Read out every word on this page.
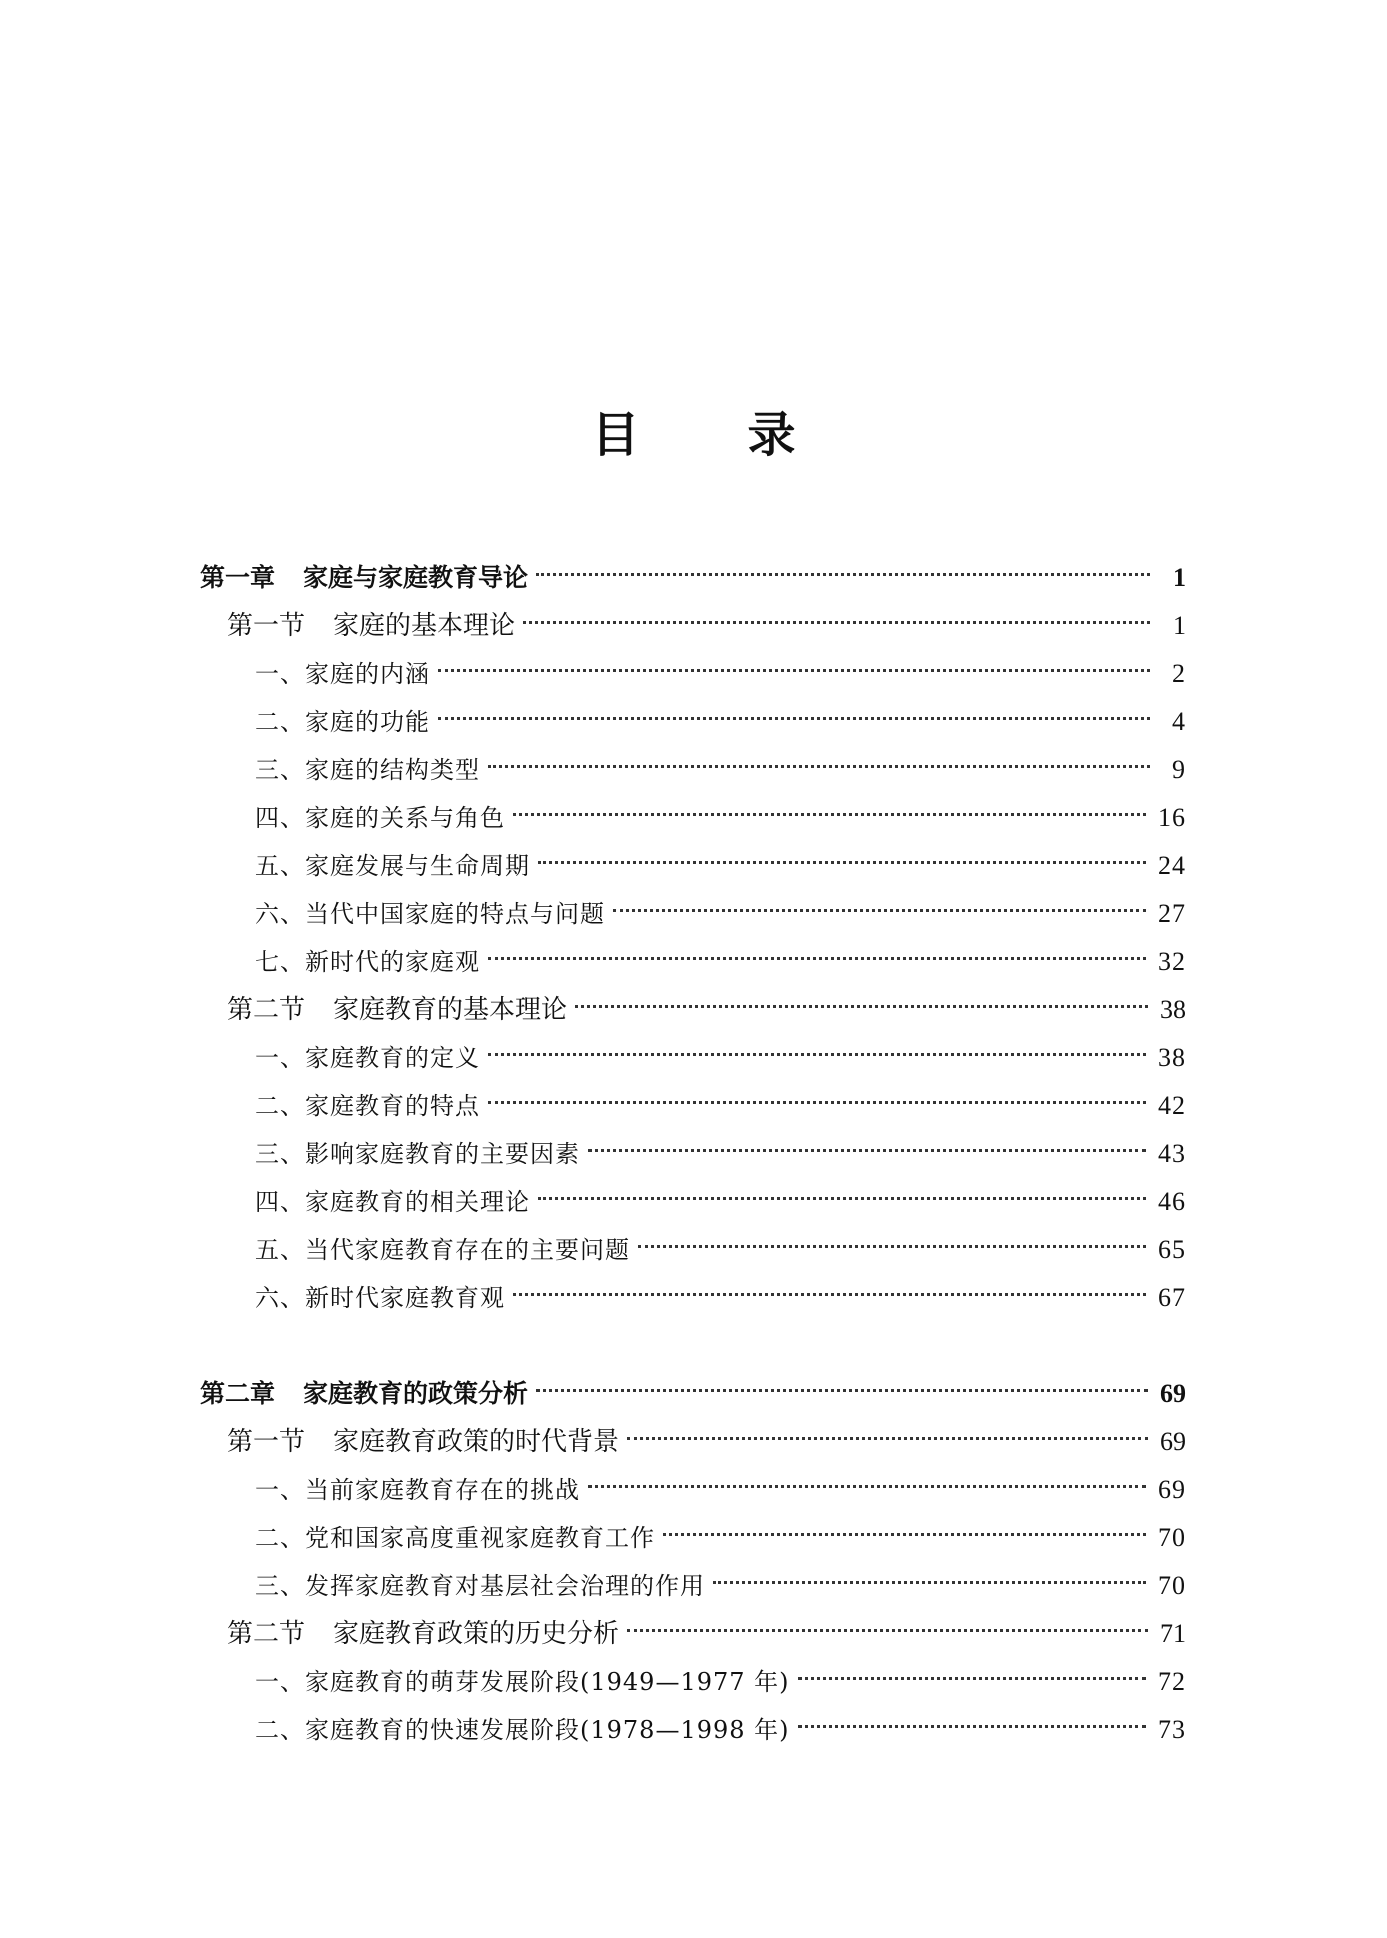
目 录
第一章 家庭与家庭教育导论	1
第一节 家庭的基本理论	1
一、家庭的内涵	2
二、家庭的功能	4
三、家庭的结构类型	9
四、家庭的关系与角色	16
五、家庭发展与生命周期	24
六、当代中国家庭的特点与问题	27
七、新时代的家庭观	32
第二节 家庭教育的基本理论	38
一、家庭教育的定义	38
二、家庭教育的特点	42
三、影响家庭教育的主要因素	43
四、家庭教育的相关理论	46
五、当代家庭教育存在的主要问题	65
六、新时代家庭教育观	67
第二章 家庭教育的政策分析	69
第一节 家庭教育政策的时代背景	69
一、当前家庭教育存在的挑战	69
二、党和国家高度重视家庭教育工作	70
三、发挥家庭教育对基层社会治理的作用	70
第二节 家庭教育政策的历史分析	71
一、家庭教育的萌芽发展阶段(1949—1977 年)	72
二、家庭教育的快速发展阶段(1978—1998 年)	73
